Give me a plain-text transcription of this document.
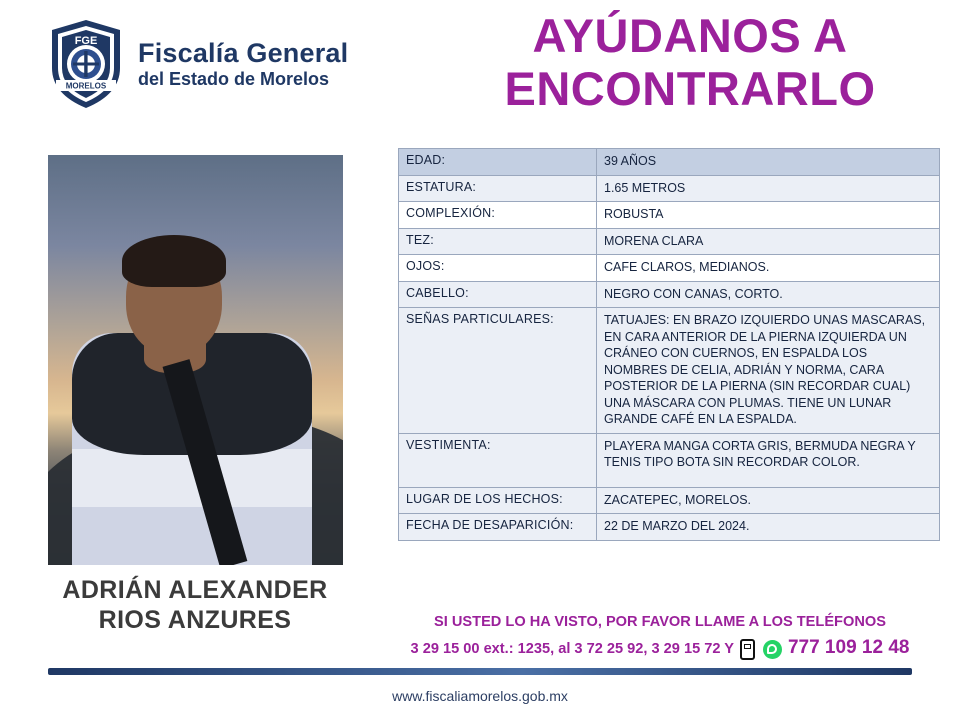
MORELOS
FGE Fiscalía General
del Estado de Morelos
AYÚDANOS A
ENCONTRARLO
ADRIÁN ALEXANDER
RIOS ANZURES
EDAD:	39 AÑOS
ESTATURA:	1.65 METROS
COMPLEXIÓN:	ROBUSTA
TEZ:	MORENA CLARA
OJOS:	CAFE CLAROS, MEDIANOS.
CABELLO:	NEGRO CON CANAS, CORTO.
SEÑAS PARTICULARES:	TATUAJES: EN BRAZO IZQUIERDO UNAS MASCARAS, EN CARA ANTERIOR DE LA PIERNA IZQUIERDA UN CRÁNEO CON CUERNOS, EN ESPALDA LOS NOMBRES DE CELIA, ADRIÁN Y NORMA, CARA POSTERIOR DE LA PIERNA (SIN RECORDAR CUAL) UNA MÁSCARA CON PLUMAS. TIENE UN LUNAR GRANDE CAFÉ EN LA ESPALDA.
VESTIMENTA:	PLAYERA MANGA CORTA GRIS, BERMUDA NEGRA Y TENIS TIPO BOTA SIN RECORDAR COLOR.
LUGAR DE LOS HECHOS:	ZACATEPEC, MORELOS.
FECHA DE DESAPARICIÓN:	22 DE MARZO DEL 2024.
SI USTED LO HA VISTO, POR FAVOR LLAME A LOS TELÉFONOS
3 29 15 00 ext.: 1235, al 3 72 25 92, 3 29 15 72 Y	777 109 12 48
www.fiscaliamorelos.gob.mx
